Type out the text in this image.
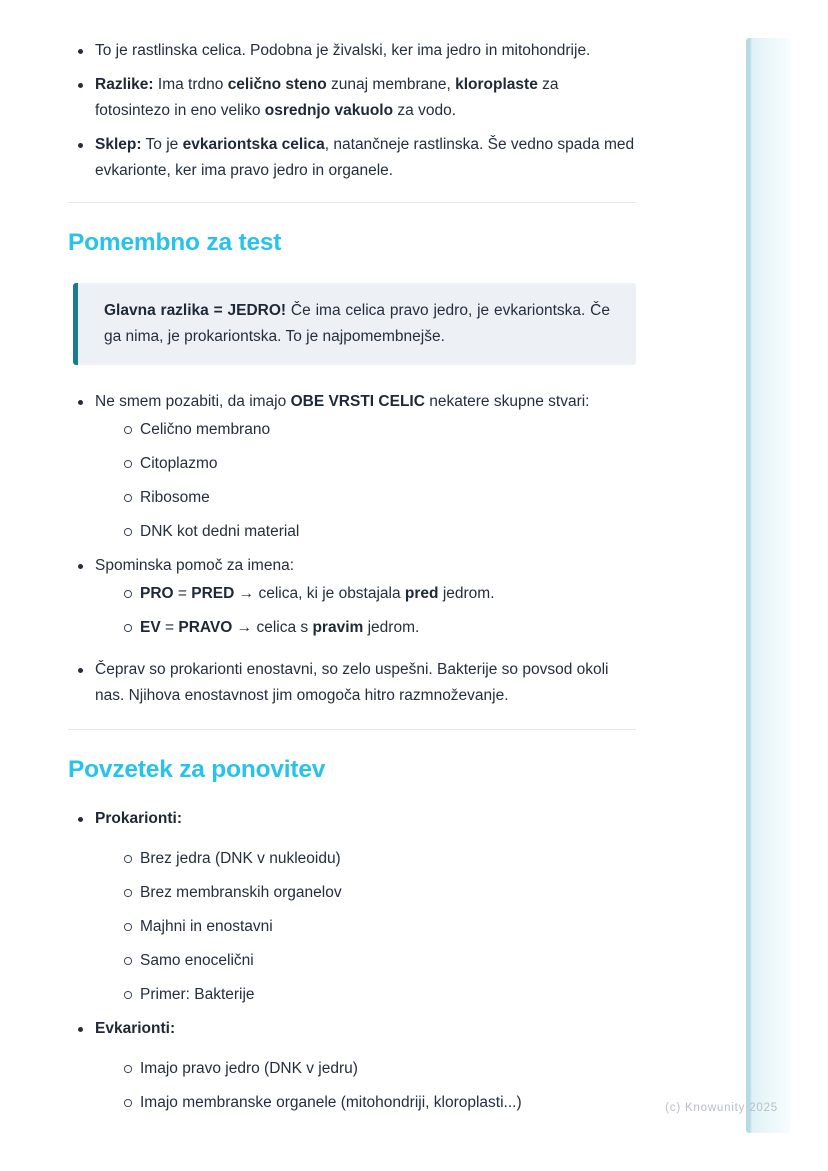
To je rastlinska celica. Podobna je živalski, ker ima jedro in mitohondrije.
Razlike: Ima trdno celično steno zunaj membrane, kloroplaste za fotosintezo in eno veliko osrednjo vakuolo za vodo.
Sklep: To je evkariontska celica, natančneje rastlinska. Še vedno spada med evkarionte, ker ima pravo jedro in organele.
Pomembno za test

Glavna razlika = JEDRO! Če ima celica pravo jedro, je evkariontska. Če ga nima, je prokariontska. To je najpomembnejše.

Ne smem pozabiti, da imajo OBE VRSTI CELIC nekatere skupne stvari:
Celično membrano
Citoplazmo
Ribosome
DNK kot dedni material
Spominska pomoč za imena:
PRO = PRED → celica, ki je obstajala pred jedrom.
EV = PRAVO → celica s pravim jedrom.
Čeprav so prokarionti enostavni, so zelo uspešni. Bakterije so povsod okoli nas. Njihova enostavnost jim omogoča hitro razmnoževanje.
Povzetek za ponovitev
Prokarionti:
Brez jedra (DNK v nukleoidu)
Brez membranskih organelov
Majhni in enostavni
Samo enocelični
Primer: Bakterije
Evkarionti:
Imajo pravo jedro (DNK v jedru)
Imajo membranske organele (mitohondriji, kloroplasti...)	(c) Knowunity 2025
